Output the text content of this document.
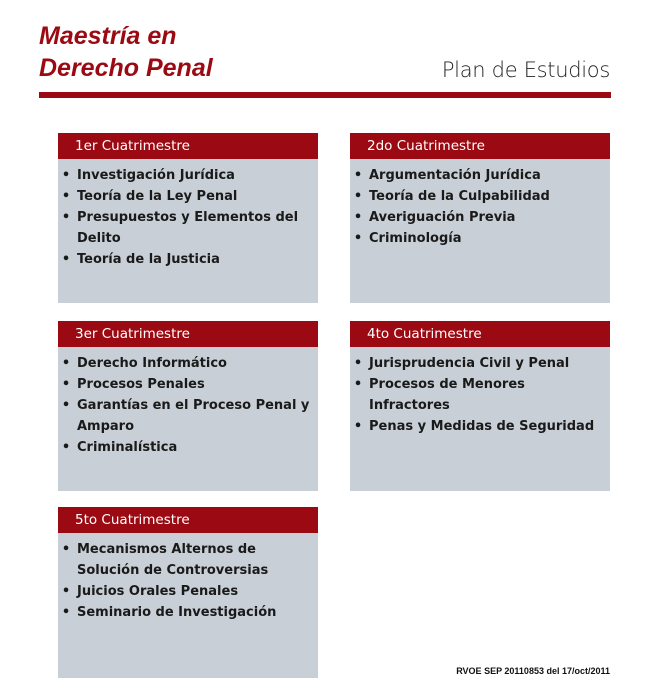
Maestría en
Derecho Penal	Plan de Estudios
1er Cuatrimestre
• Investigación Jurídica
• Teoría de la Ley Penal
• Presupuestos y Elementos del Delito
• Teoría de la Justicia
2do Cuatrimestre
• Argumentación Jurídica
• Teoría de la Culpabilidad
• Averiguación Previa
• Criminología
3er Cuatrimestre
• Derecho Informático
• Procesos Penales
• Garantías en el Proceso Penal y Amparo
• Criminalística
4to Cuatrimestre
• Jurisprudencia Civil y Penal
• Procesos de Menores Infractores
• Penas y Medidas de Seguridad
5to Cuatrimestre
• Mecanismos Alternos de Solución de Controversias
• Juicios Orales Penales
• Seminario de Investigación
RVOE SEP 20110853 del 17/oct/2011
